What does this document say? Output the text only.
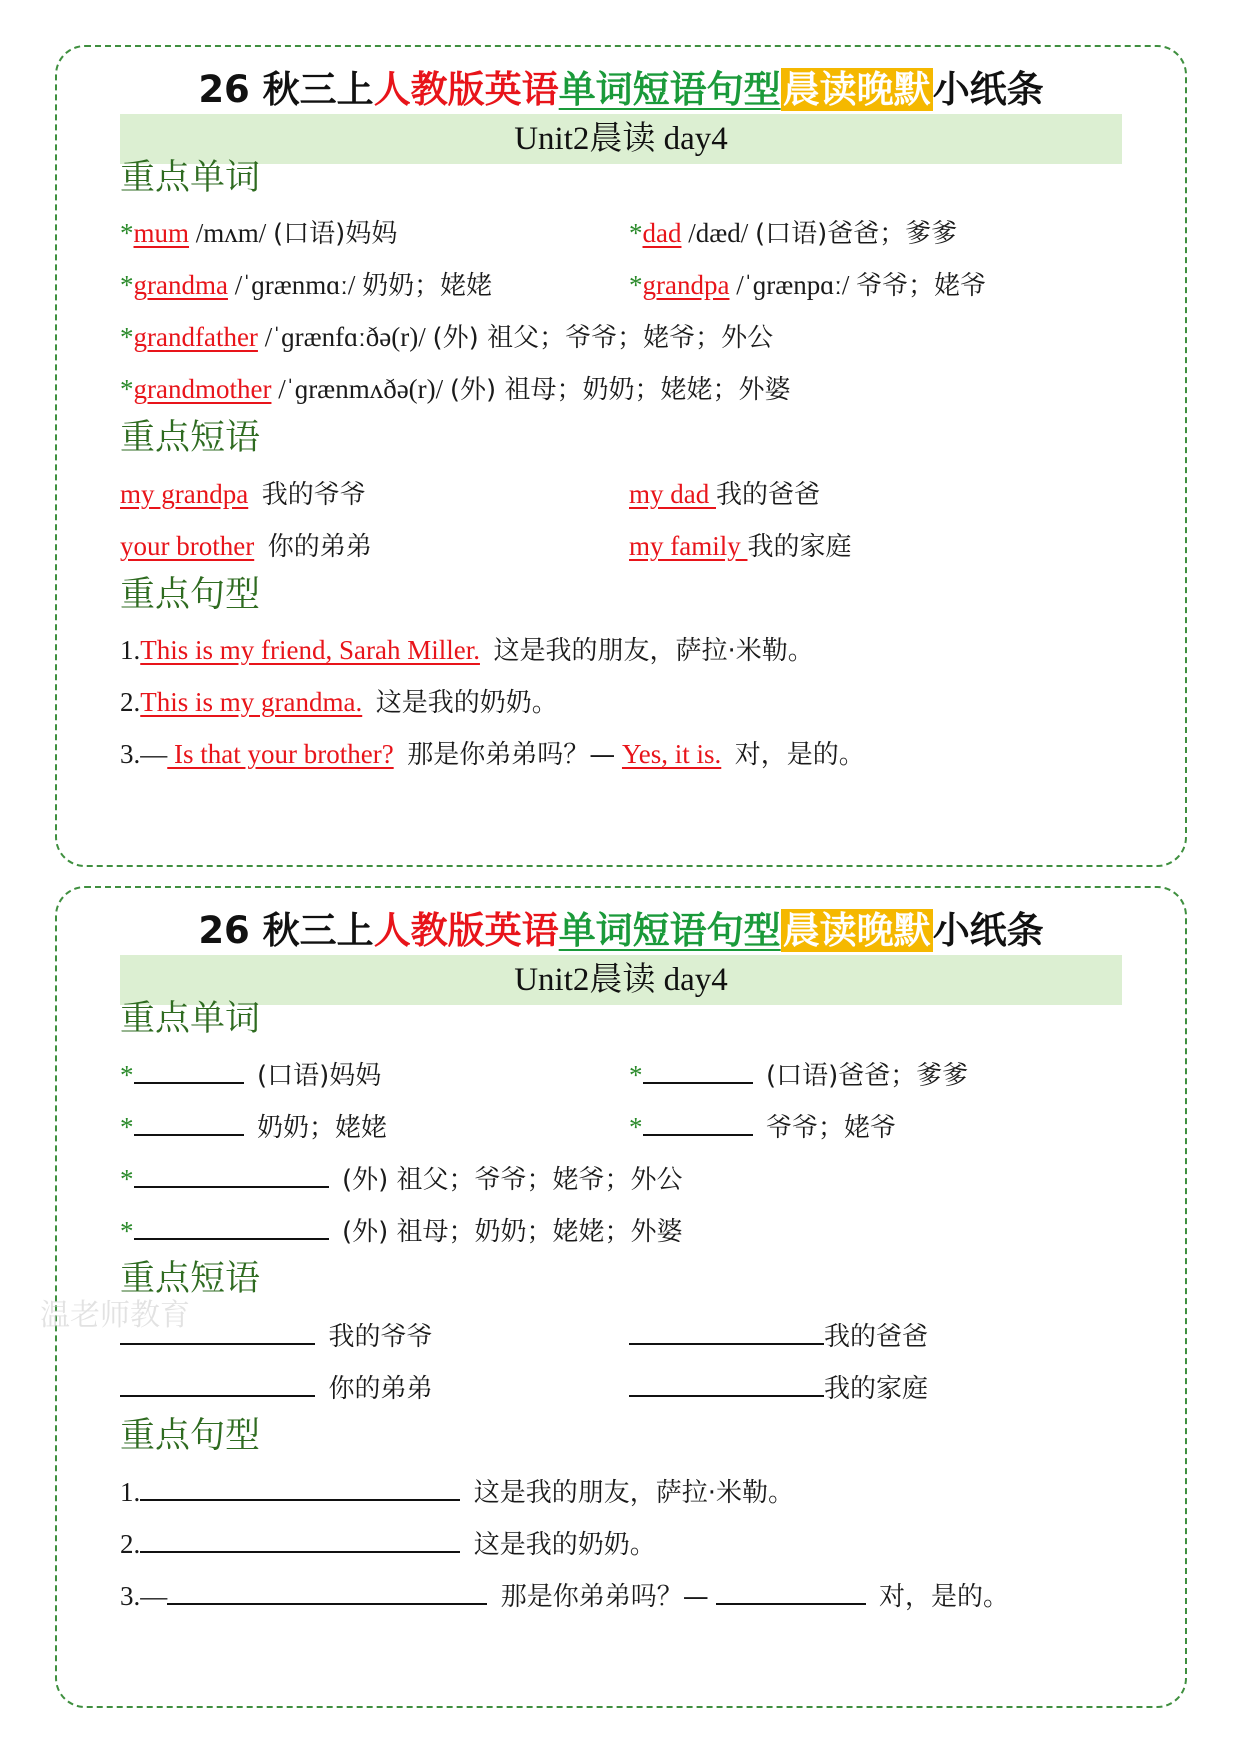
26 秋三上人教版英语单词短语句型晨读晚默小纸条
Unit2晨读 day4
重点单词
*mum /mʌm/ (口语)妈妈	*dad /dæd/ (口语)爸爸；爹爹
*grandma /ˈɡrænmɑː/ 奶奶；姥姥	*grandpa /ˈɡrænpɑː/ 爷爷；姥爷
*grandfather /ˈɡrænfɑːðə(r)/ (外) 祖父；爷爷；姥爷；外公
*grandmother /ˈɡrænmʌðə(r)/ (外) 祖母；奶奶；姥姥；外婆
重点短语
my grandpa 我的爷爷	my dad 我的爸爸
your brother 你的弟弟	my family 我的家庭
重点句型
1.This is my friend, Sarah Miller. 这是我的朋友，萨拉·米勒。
2.This is my grandma. 这是我的奶奶。
3.— Is that your brother? 那是你弟弟吗？— Yes, it is. 对，是的。
26 秋三上人教版英语单词短语句型晨读晚默小纸条
Unit2晨读 day4
重点单词
*	(口语)妈妈	*	(口语)爸爸；爹爹
*	奶奶；姥姥	*	爷爷；姥爷
*	(外) 祖父；爷爷；姥爷；外公
*	(外) 祖母；奶奶；姥姥；外婆
重点短语
我的爷爷	我的爸爸
你的弟弟	我的家庭
重点句型
1.	这是我的朋友，萨拉·米勒。
2.	这是我的奶奶。
3.—	那是你弟弟吗？—	对，是的。
温老师教育
